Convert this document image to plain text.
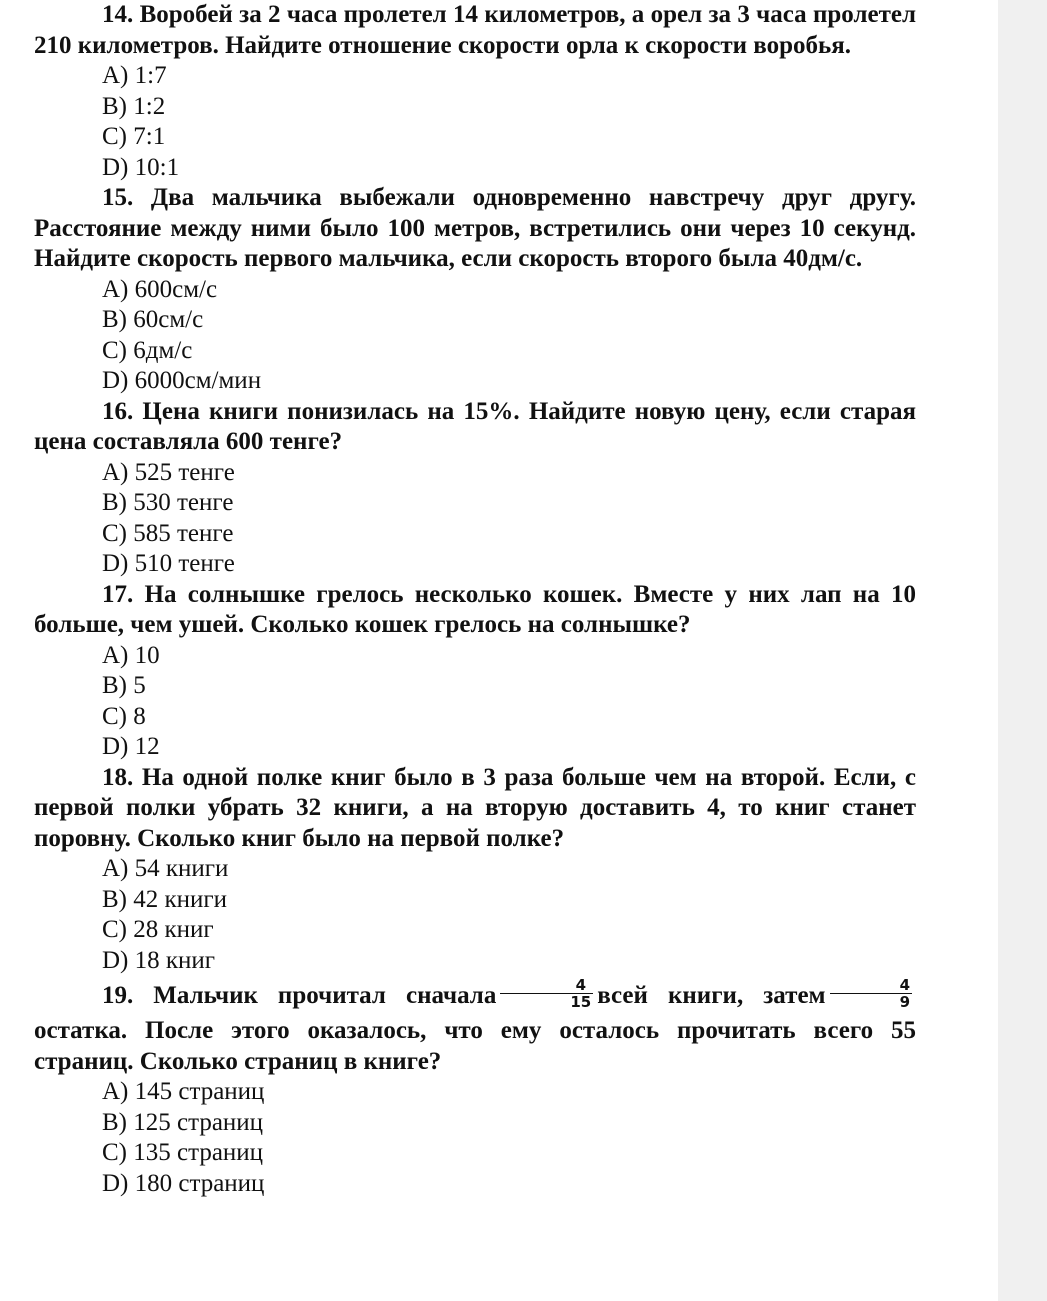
14. Воробей за 2 часа пролетел 14 километров, а орел за 3 часа пролетел 210 километров. Найдите отношение скорости орла к скорости воробья.

A) 1:7
B) 1:2
C) 7:1
D) 10:1

15. Два мальчика выбежали одновременно навстречу друг другу. Расстояние между ними было 100 метров, встретились они через 10 секунд. Найдите скорость первого мальчика, если скорость второго была 40дм/с.

A) 600см/с
B) 60см/с
C) 6дм/с
D) 6000см/мин

16. Цена книги понизилась на 15%. Найдите новую цену, если старая цена составляла 600 тенге?

A) 525 тенге
B) 530 тенге
C) 585 тенге
D) 510 тенге

17. На солнышке грелось несколько кошек. Вместе у них лап на 10 больше, чем ушей. Сколько кошек грелось на солнышке?

A) 10
B) 5
C) 8
D) 12

18. На одной полке книг было в 3 раза больше чем на второй. Если, с первой полки убрать 32 книги, а на вторую доставить 4, то книг станет поровну. Сколько книг было на первой полке?

A) 54 книги
B) 42 книги
C) 28 книг
D) 18 книг

19. Мальчик прочитал сначала $\frac{4}{15}$ всей книги, затем $\frac{4}{9}$
остатка. После этого оказалось, что ему осталось прочитать всего 55 страниц. Сколько страниц в книге?

A) 145 страниц
B) 125 страниц
C) 135 страниц
D) 180 страниц
